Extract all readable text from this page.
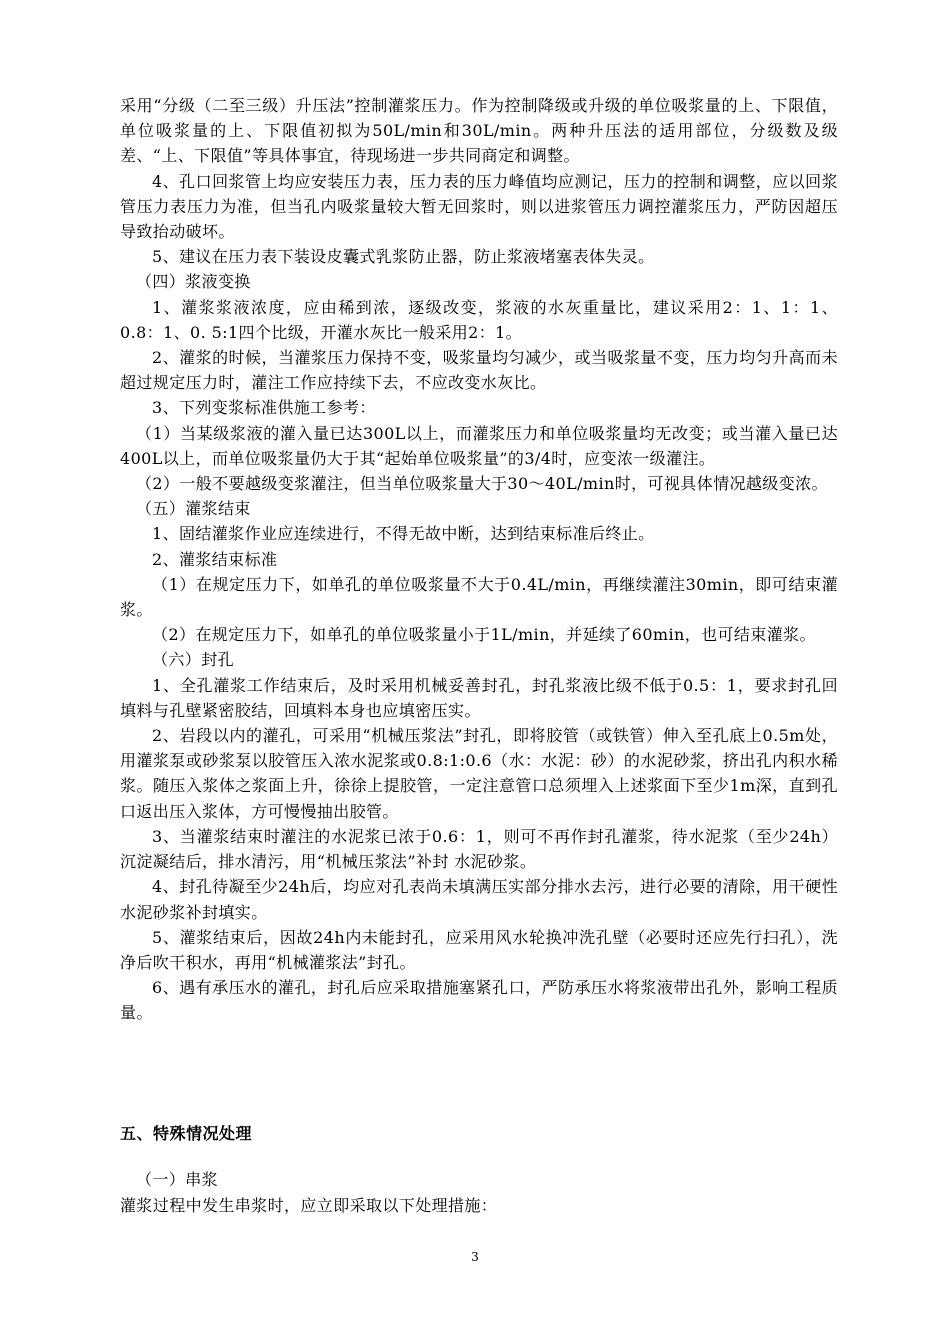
采用“分级（二至三级）升压法”控制灌浆压力。作为控制降级或升级的单位吸浆量的上、下限值，单位吸浆量的上、下限值初拟为50L/min和30L/min。两种升压法的适用部位，分级数及级差、“上、下限值”等具体事宜，待现场进一步共同商定和调整。

4、孔口回浆管上均应安装压力表，压力表的压力峰值均应测记，压力的控制和调整，应以回浆管压力表压力为准，但当孔内吸浆量较大暂无回浆时，则以进浆管压力调控灌浆压力，严防因超压导致抬动破坏。

5、建议在压力表下装设皮囊式乳浆防止器，防止浆液堵塞表体失灵。

（四）浆液变换

1、灌浆浆液浓度，应由稀到浓，逐级改变，浆液的水灰重量比，建议采用2：1、1：1、0.8：1、0. 5:1四个比级，开灌水灰比一般采用2：1。

2、灌浆的时候，当灌浆压力保持不变，吸浆量均匀减少，或当吸浆量不变，压力均匀升高而未超过规定压力时，灌注工作应持续下去，不应改变水灰比。

3、下列变浆标准供施工参考：

（1）当某级浆液的灌入量已达300L以上，而灌浆压力和单位吸浆量均无改变；或当灌入量已达400L以上，而单位吸浆量仍大于其“起始单位吸浆量”的3/4时，应变浓一级灌注。

（2）一般不要越级变浆灌注，但当单位吸浆量大于30～40L/min时，可视具体情况越级变浓。

（五）灌浆结束

1、固结灌浆作业应连续进行，不得无故中断，达到结束标准后终止。

2、灌浆结束标准

（1）在规定压力下，如单孔的单位吸浆量不大于0.4L/min，再继续灌注30min，即可结束灌浆。

（2）在规定压力下，如单孔的单位吸浆量小于1L/min，并延续了60min，也可结束灌浆。

（六）封孔

1、全孔灌浆工作结束后，及时采用机械妥善封孔，封孔浆液比级不低于0.5：1，要求封孔回填料与孔壁紧密胶结，回填料本身也应填密压实。

2、岩段以内的灌孔，可采用“机械压浆法”封孔，即将胶管（或铁管）伸入至孔底上0.5m处，用灌浆泵或砂浆泵以胶管压入浓水泥浆或0.8:1:0.6（水：水泥：砂）的水泥砂浆，挤出孔内积水稀浆。随压入浆体之浆面上升，徐徐上提胶管，一定注意管口总须埋入上述浆面下至少1m深，直到孔口返出压入浆体，方可慢慢抽出胶管。

3、当灌浆结束时灌注的水泥浆已浓于0.6：1，则可不再作封孔灌浆，待水泥浆（至少24h）沉淀凝结后，排水清污，用“机械压浆法”补封 水泥砂浆。

4、封孔待凝至少24h后，均应对孔表尚未填满压实部分排水去污，进行必要的清除，用干硬性水泥砂浆补封填实。

5、灌浆结束后，因故24h内未能封孔，应采用风水轮换冲洗孔壁（必要时还应先行扫孔），洗净后吹干积水，再用“机械灌浆法”封孔。

6、遇有承压水的灌孔，封孔后应采取措施塞紧孔口，严防承压水将浆液带出孔外，影响工程质量。

五、特殊情况处理

（一）串浆

灌浆过程中发生串浆时，应立即采取以下处理措施：

3
